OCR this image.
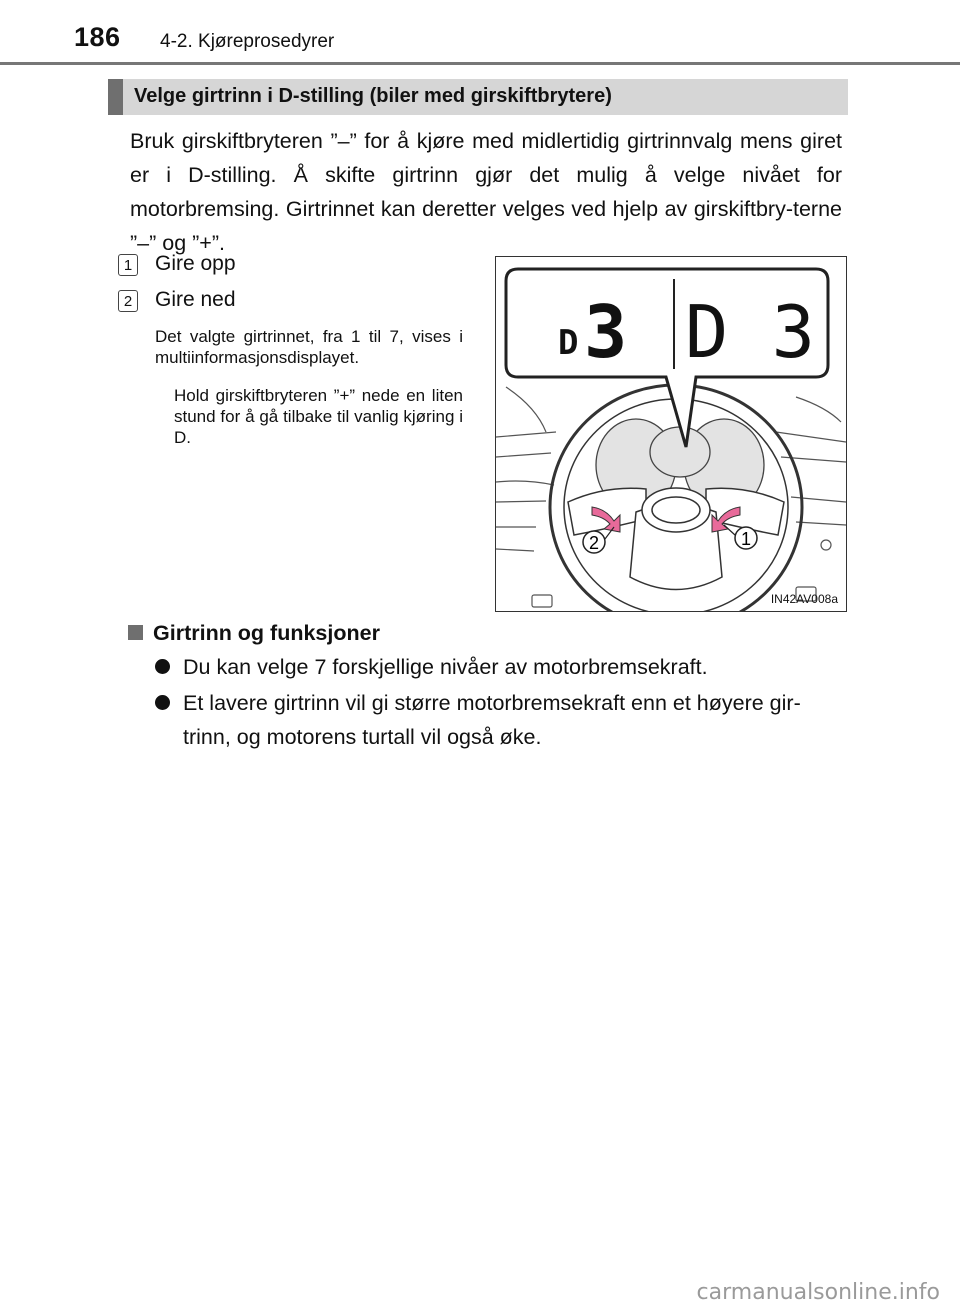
186 4-2. Kjøreprosedyrer
Velge girtrinn i D-stilling (biler med girskiftbrytere)
Bruk girskiftbryteren ”–” for å kjøre med midlertidig girtrinnvalg mens giret er i D-stilling. Å skifte girtrinn gjør det mulig å velge nivået for motorbremsing. Girtrinnet kan deretter velges ved hjelp av girskiftbry-terne ”–” og ”+”.
1 Gire opp
2 Gire ned
Det valgte girtrinnet, fra 1 til 7, vises i multiinformasjonsdisplayet.
Hold girskiftbryteren ”+” nede en liten stund for å gå tilbake til vanlig kjøring i D.
2	1
D 3 D 3
IN42AV008a
Girtrinn og funksjoner
Du kan velge 7 forskjellige nivåer av motorbremsekraft.
Et lavere girtrinn vil gi større motorbremsekraft enn et høyere gir-trinn, og motorens turtall vil også øke.
carmanualsonline.info
